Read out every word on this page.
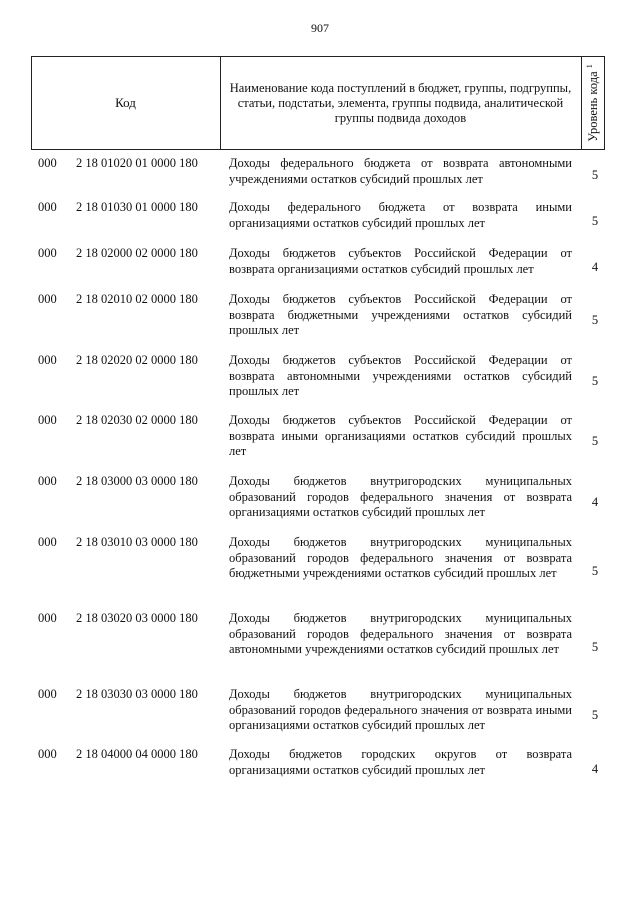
907
Код
Наименование кода поступлений в бюджет, группы, подгруппы, статьи, подстатьи, элемента, группы подвида, аналитической группы подвида доходов	Уровень кода $^1$
000 2 18 01020 01 0000 180 Доходы федерального бюджета от возврата автономными учреждениями остатков субсидий прошлых лет	5
000 2 18 01030 01 0000 180 Доходы федерального бюджета от возврата иными организациями остатков субсидий прошлых лет	5
000 2 18 02000 02 0000 180 Доходы бюджетов субъектов Российской Федерации от возврата организациями остатков субсидий прошлых лет	4
000 2 18 02010 02 0000 180 Доходы бюджетов субъектов Российской Федерации от возврата бюджетными учреждениями остатков субсидий прошлых лет
5
000 2 18 02020 02 0000 180 Доходы бюджетов субъектов Российской Федерации от возврата автономными учреждениями остатков субсидий прошлых лет
5
000 2 18 02030 02 0000 180 Доходы бюджетов субъектов Российской Федерации от возврата иными организациями остатков субсидий прошлых лет
5
000 2 18 03000 03 0000 180 Доходы бюджетов внутригородских муниципальных образований городов федерального значения от возврата организациями остатков субсидий прошлых лет
4
000 2 18 03010 03 0000 180 Доходы бюджетов внутригородских муниципальных образований городов федерального значения от возврата бюджетными учреждениями остатков субсидий прошлых лет	5
000 2 18 03020 03 0000 180 Доходы бюджетов внутригородских муниципальных образований городов федерального значения от возврата автономными учреждениями остатков субсидий прошлых лет	5
000 2 18 03030 03 0000 180 Доходы бюджетов внутригородских муниципальных образований городов федерального значения от возврата иными организациями остатков субсидий прошлых лет
5
000 2 18 04000 04 0000 180 Доходы бюджетов городских округов от возврата организациями остатков субсидий прошлых лет	4
